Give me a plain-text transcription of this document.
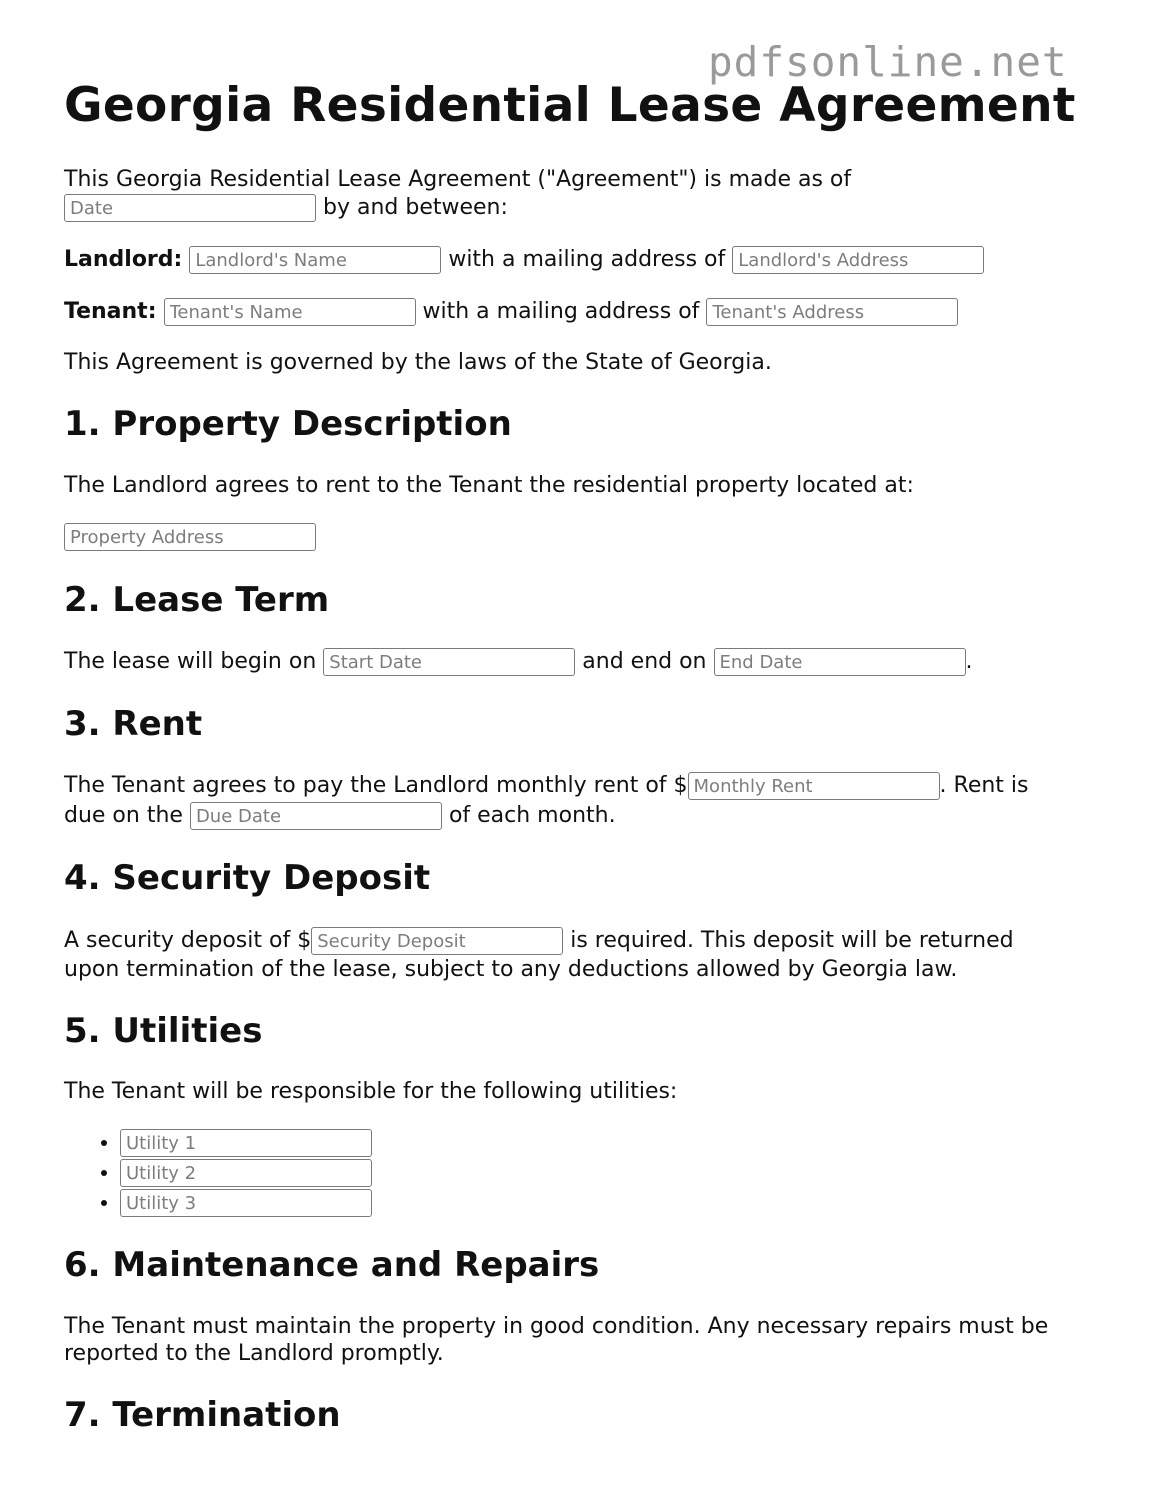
pdfsonline.net
Georgia Residential Lease Agreement
This Georgia Residential Lease Agreement ("Agreement") is made as of
Date by and between:
Landlord: Landlord's Name	with a mailing address of Landlord's Address
Tenant: Tenant's Name	with a mailing address of Tenant's Address
This Agreement is governed by the laws of the State of Georgia.
1. Property Description
The Landlord agrees to rent to the Tenant the residential property located at:
Property Address
2. Lease Term
The lease will begin on Start Date	and end on End Date	.
3. Rent
The Tenant agrees to pay the Landlord monthly rent of $Monthly Rent	. Rent is
due on the Due Date	of each month.
4. Security Deposit
A security deposit of $Security Deposit	is required. This deposit will be returned
upon termination of the lease, subject to any deductions allowed by Georgia law.
5. Utilities
The Tenant will be responsible for the following utilities:
• Utility 1
• Utility 2
• Utility 3
6. Maintenance and Repairs
The Tenant must maintain the property in good condition. Any necessary repairs must be
reported to the Landlord promptly.
7. Termination
